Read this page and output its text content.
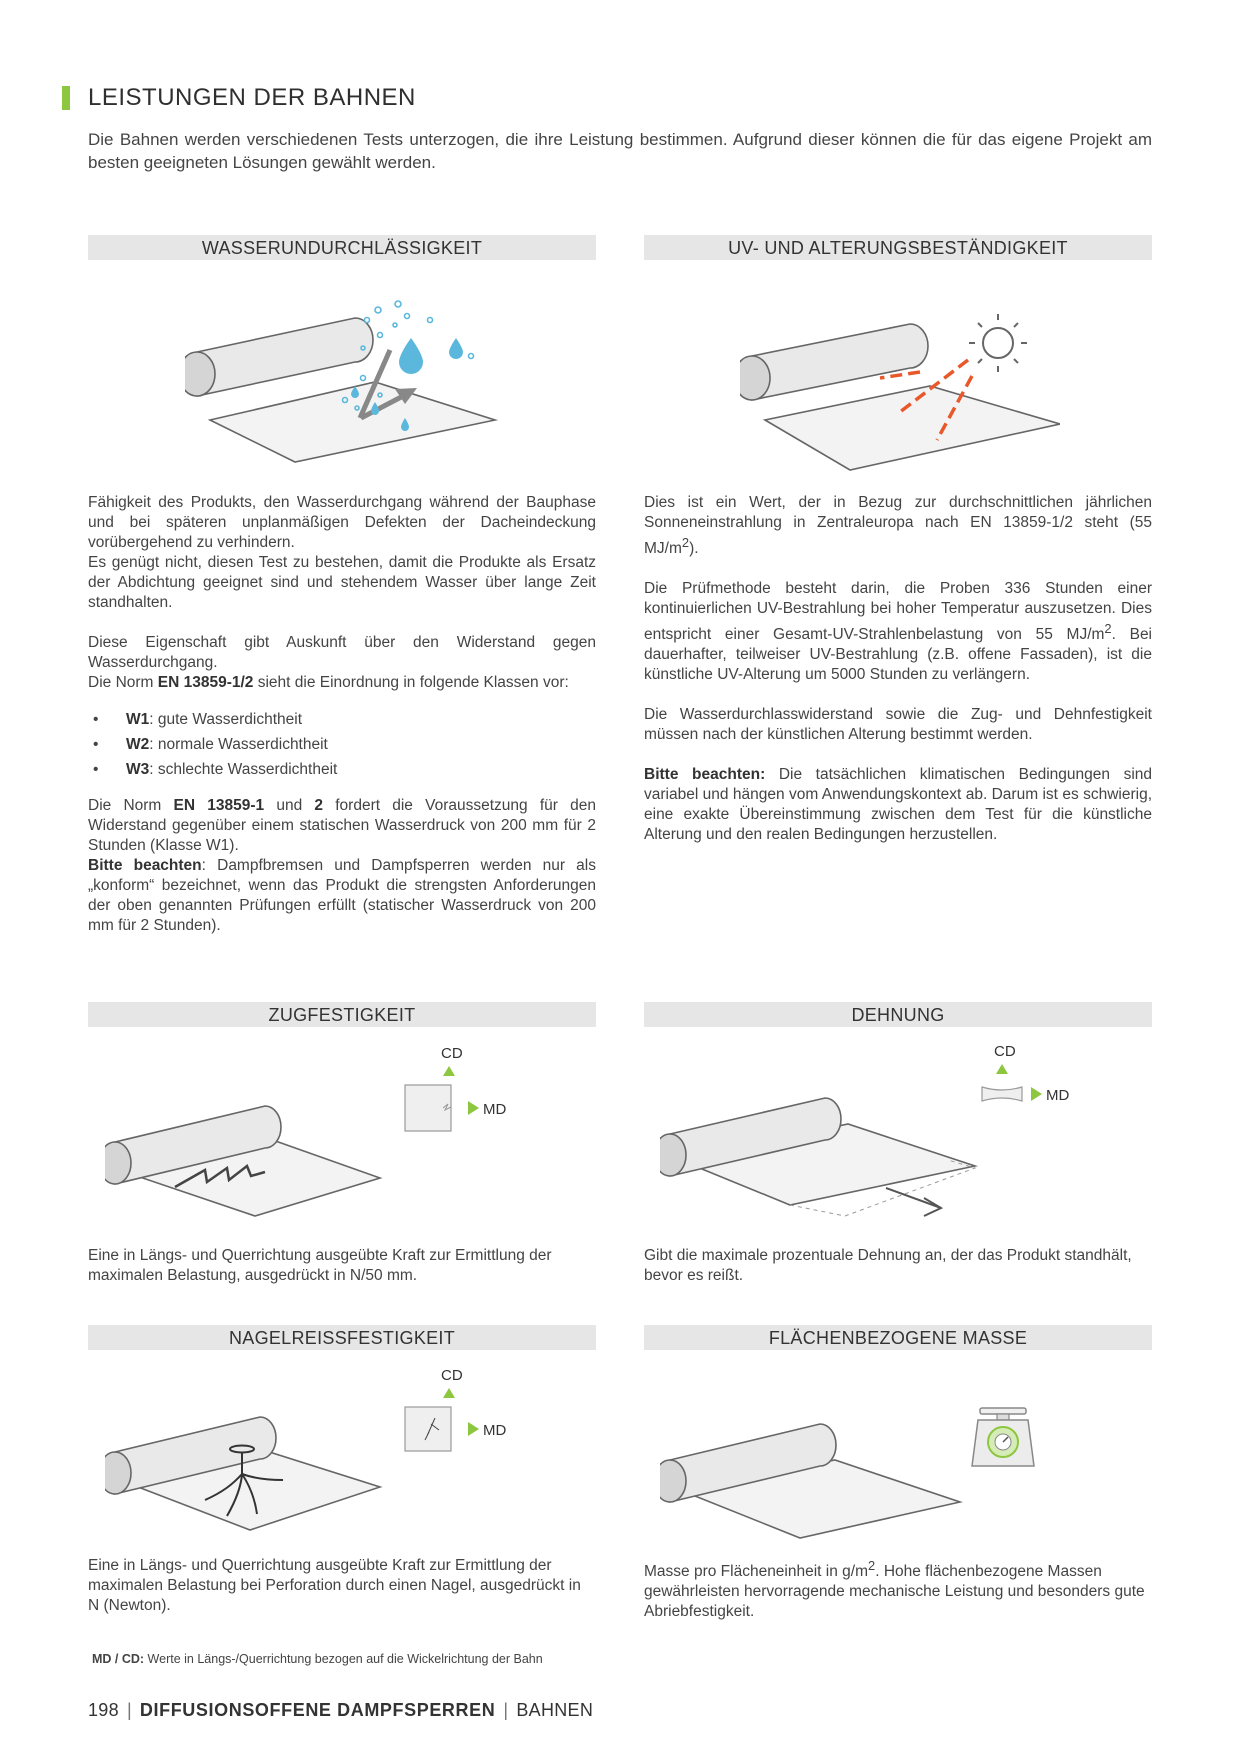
LEISTUNGEN DER BAHNEN
Die Bahnen werden verschiedenen Tests unterzogen, die ihre Leistung bestimmen. Aufgrund dieser können die für das eigene Projekt am besten geeigneten Lösungen gewählt werden.
WASSERUNDURCHLÄSSIGKEIT	UV- UND ALTERUNGSBESTÄNDIGKEIT
ZUGFESTIGKEIT	DEHNUNG
NAGELREISSFESTIGKEIT	FLÄCHENBEZOGENE MASSE
CD
MD
CD
MD
CD
MD

Fähigkeit des Produkts, den Wasserdurchgang während der Bauphase und bei späteren unplanmäßigen Defekten der Dacheindeckung vorübergehend zu verhindern.

Es genügt nicht, diesen Test zu bestehen, damit die Produkte als Ersatz der Abdichtung geeignet sind und stehendem Wasser über lange Zeit standhalten.

Diese Eigenschaft gibt Auskunft über den Widerstand gegen Wasserdurchgang.

Die Norm EN 13859-1/2 sieht die Einordnung in folgende Klassen vor:

• W1: gute Wasserdichtheit
• W2: normale Wasserdichtheit
• W3: schlechte Wasserdichtheit

Die Norm EN 13859-1 und 2 fordert die Voraussetzung für den Widerstand gegenüber einem statischen Wasserdruck von 200 mm für 2 Stunden (Klasse W1).

Bitte beachten: Dampfbremsen und Dampfsperren werden nur als „konform“ bezeichnet, wenn das Produkt die strengsten Anforderungen der oben genannten Prüfungen erfüllt (statischer Wasserdruck von 200 mm für 2 Stunden).

Dies ist ein Wert, der in Bezug zur durchschnittlichen jährlichen Sonneneinstrahlung in Zentraleuropa nach EN 13859-1/2 steht (55 $MJ/m^2$).

Die Prüfmethode besteht darin, die Proben 336 Stunden einer kontinuierlichen UV-Bestrahlung bei hoher Temperatur auszusetzen. Dies entspricht einer Gesamt-UV-Strahlenbelastung von 55 $MJ/m^2$. Bei dauerhafter, teilweiser UV-Bestrahlung (z.B. offene Fassaden), ist die künstliche UV-Alterung um 5000 Stunden zu verlängern.

Die Wasserdurchlasswiderstand sowie die Zug- und Dehnfestigkeit müssen nach der künstlichen Alterung bestimmt werden.

Bitte beachten: Die tatsächlichen klimatischen Bedingungen sind variabel und hängen vom Anwendungskontext ab. Darum ist es schwierig, eine exakte Übereinstimmung zwischen dem Test für die künstliche Alterung und den realen Bedingungen herzustellen.

Eine in Längs- und Querrichtung ausgeübte Kraft zur Ermittlung der maximalen Belastung, ausgedrückt in N/50 mm.
Gibt die maximale prozentuale Dehnung an, der das Produkt standhält, bevor es reißt.
Eine in Längs- und Querrichtung ausgeübte Kraft zur Ermittlung der maximalen Belastung bei Perforation durch einen Nagel, ausgedrückt in N (Newton).
Masse pro Flächeneinheit in $g/m^2$. Hohe flächenbezogene Massen gewährleisten hervorragende mechanische Leistung und besonders gute Abriebfestigkeit.
MD / CD: Werte in Längs-/Querrichtung bezogen auf die Wickelrichtung der Bahn
198 | DIFFUSIONSOFFENE DAMPFSPERREN | BAHNEN
